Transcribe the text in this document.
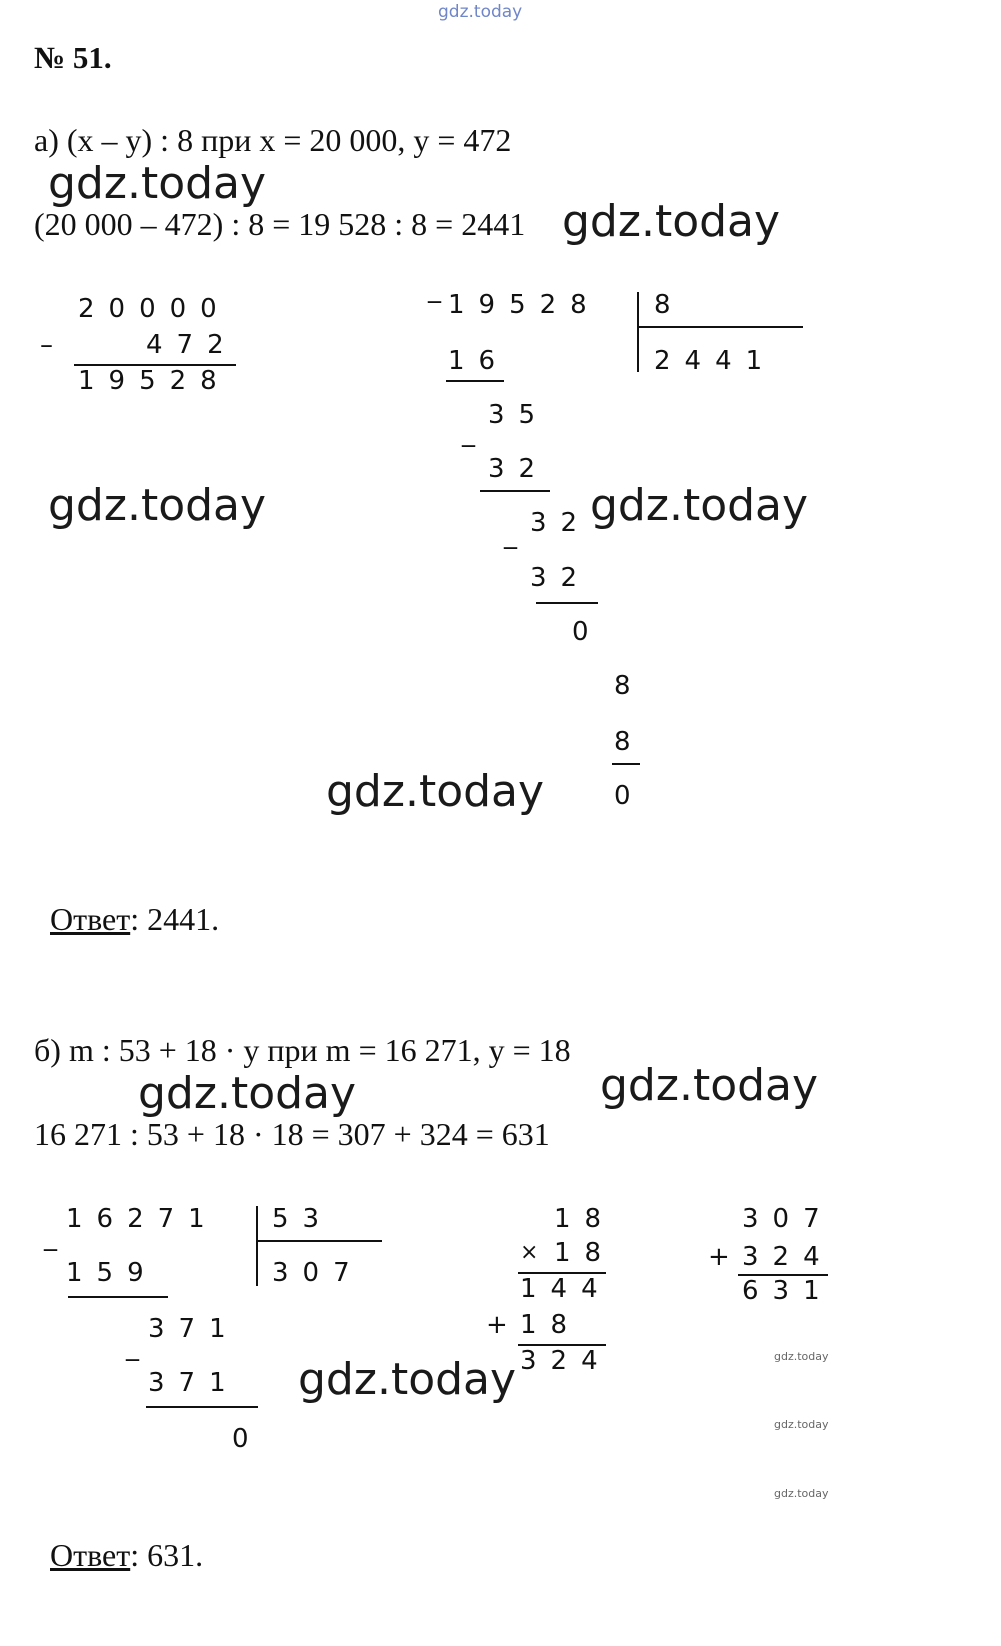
gdz.today
№ 51.
а) (x – y) : 8 при x = 20 000, y = 472
gdz.today
(20 000 – 472) : 8 = 19 528 : 8 = 2441 gdz.today
20000
–	472
19528
gdz.today
_
19528 8
2441
16
_
35
32
_ 32
32
0
8
8
0
gdz.today
gdz.today

Ответ: 2441.

б) m : 53 + 18 · y при m = 16 271, y = 18
gdz.today
gdz.today
16 271 : 53 + 18 · 18 = 307 + 324 = 631
_
16271 53
307
159
_
371
371
0
gdz.today
18
× 18
144
+ 18
324
307
+ 324
631
gdz.today
gdz.today
gdz.today

Ответ: 631.
